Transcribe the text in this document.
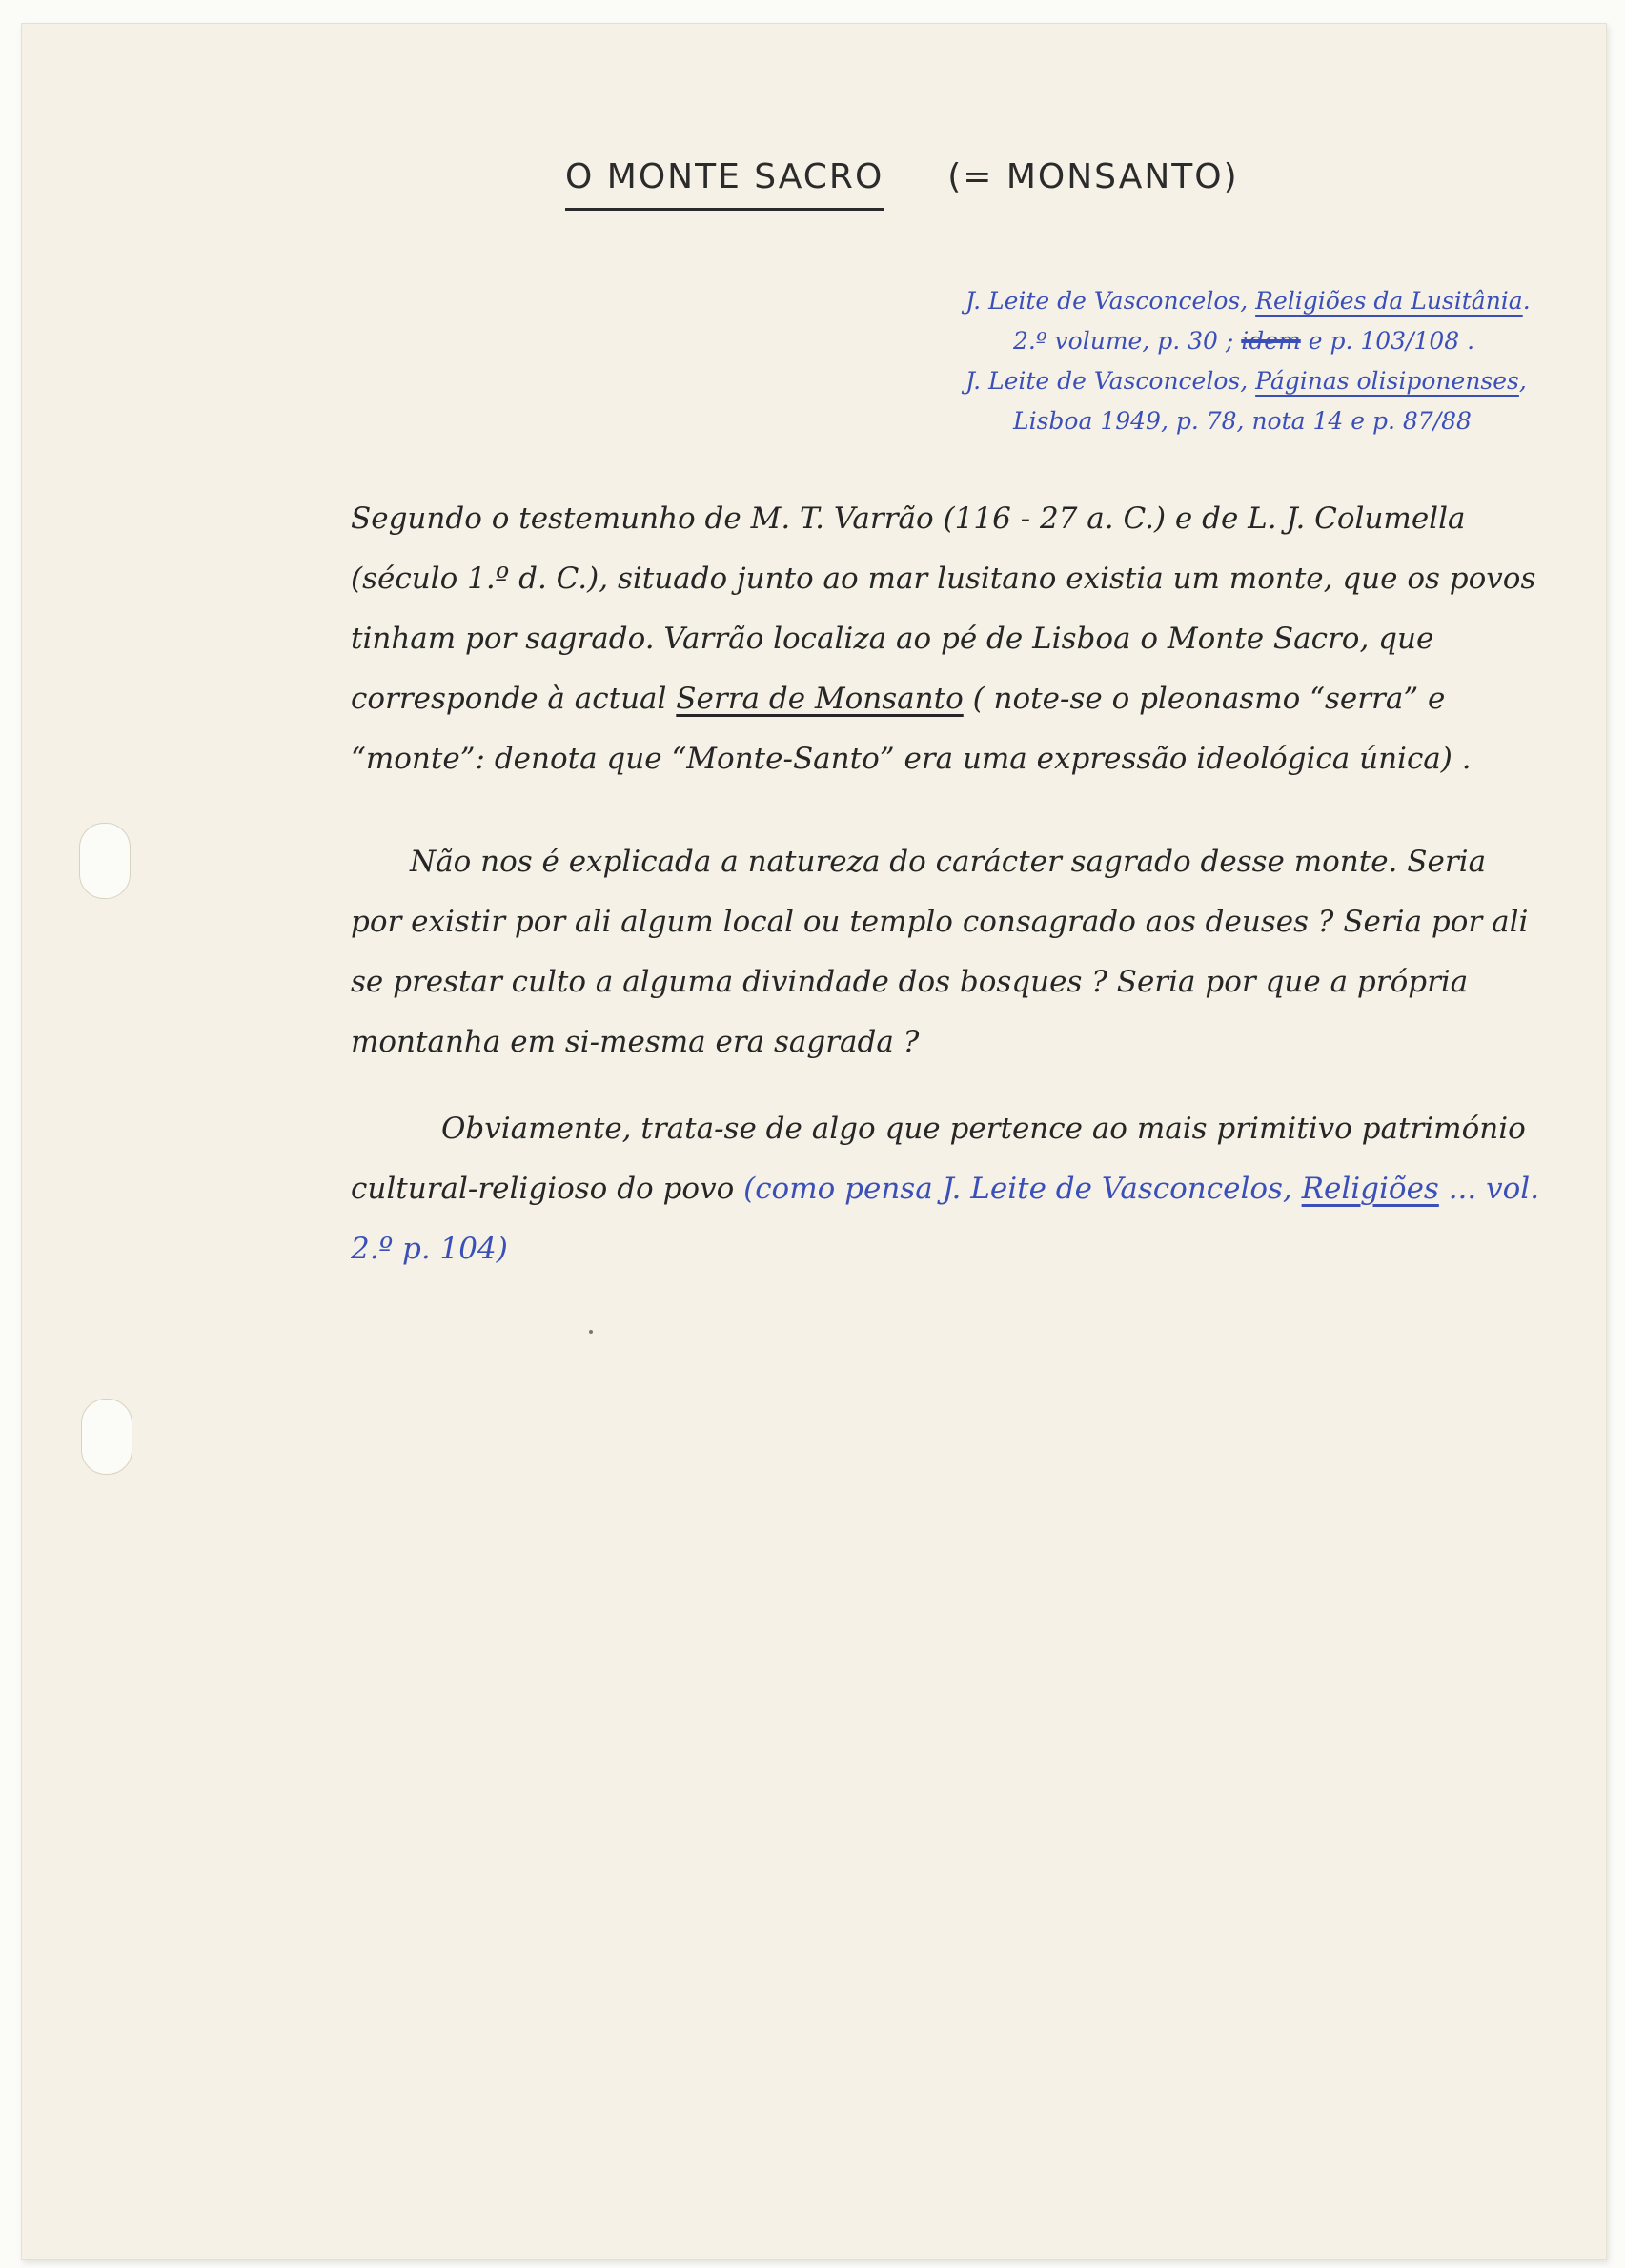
O MONTE SACRO (= MONSANTO)
J. Leite de Vasconcelos, Religiões da Lusitânia.
2.º volume, p. 30 ; idem e p. 103/108 .
J. Leite de Vasconcelos, Páginas olisiponenses,
Lisboa 1949, p. 78, nota 14 e p. 87/88
Segundo o testemunho de M. T. Varrão (116 - 27 a. C.) e de L. J. Columella (século 1.º d. C.), situado junto ao mar lusitano existia um monte, que os povos tinham por sagrado. Varrão localiza ao pé de Lisboa o Monte Sacro, que corresponde à actual Serra de Monsanto ( note-se o pleonasmo “serra” e “monte”: denota que “Monte-Santo” era uma expressão ideológica única) .
Não nos é explicada a natureza do carácter sagrado desse monte. Seria por existir por ali algum local ou templo consagrado aos deuses ? Seria por ali se prestar culto a alguma divindade dos bosques ? Seria por que a própria montanha em si-mesma era sagrada ?
Obviamente, trata-se de algo que pertence ao mais primitivo património cultural-religioso do povo (como pensa J. Leite de Vasconcelos, Religiões ... vol. 2.º p. 104)
